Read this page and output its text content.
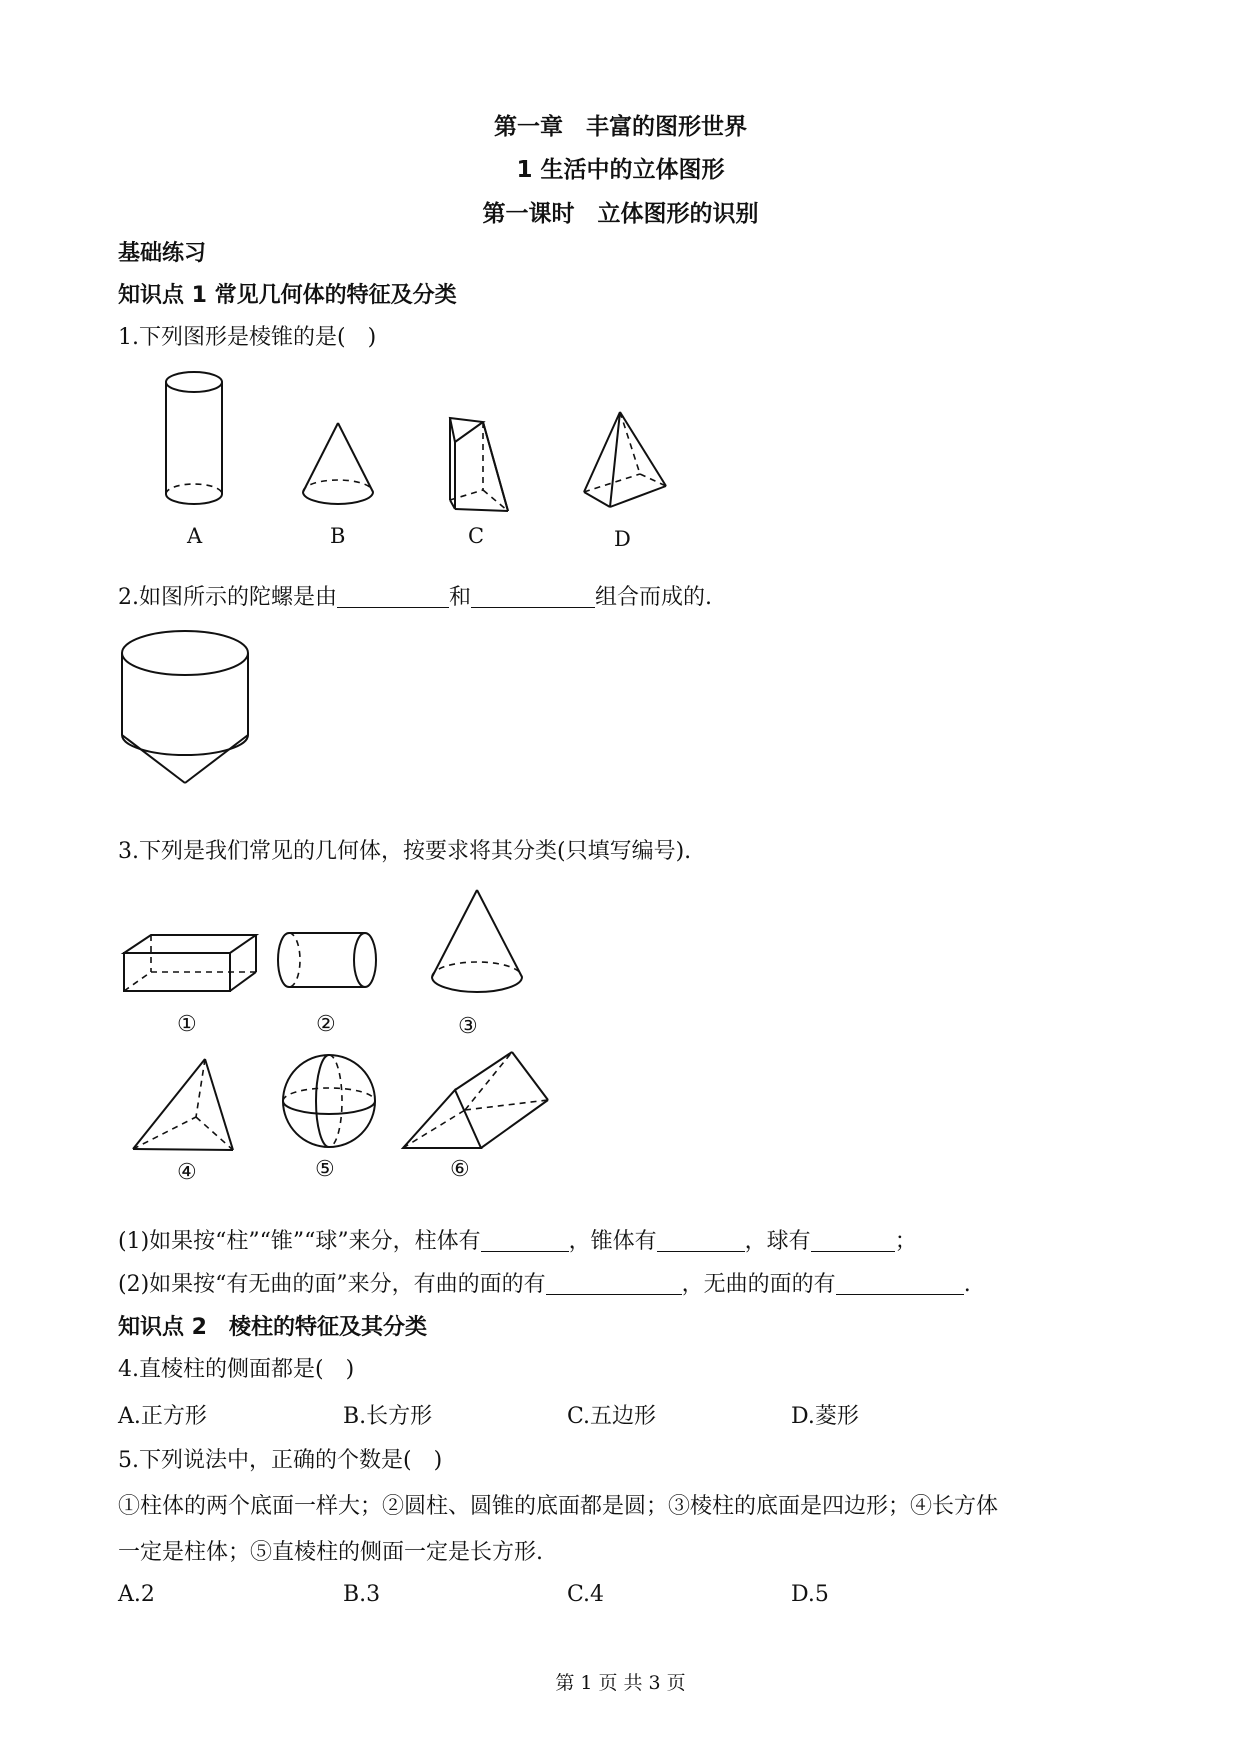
第一章　丰富的图形世界
1 生活中的立体图形
第一课时　立体图形的识别
基础练习
知识点 1 常见几何体的特征及分类
1.下列图形是棱锥的是(　)
A	B	C	D
2.如图所示的陀螺是由	和	组合而成的.
3.下列是我们常见的几何体，按要求将其分类(只填写编号).
①	②	③
④	⑤	⑥
(1)如果按“柱”“锥”“球”来分，柱体有	，锥体有	，球有	；
(2)如果按“有无曲的面”来分，有曲的面的有	，无曲的面的有	.
知识点 2　棱柱的特征及其分类
4.直棱柱的侧面都是(　)
A.正方形	B.长方形	C.五边形	D.菱形
5.下列说法中，正确的个数是(　)
①柱体的两个底面一样大；②圆柱、圆锥的底面都是圆；③棱柱的底面是四边形；④长方体
一定是柱体；⑤直棱柱的侧面一定是长方形.
A.2	B.3	C.4	D.5
第 1 页 共 3 页
